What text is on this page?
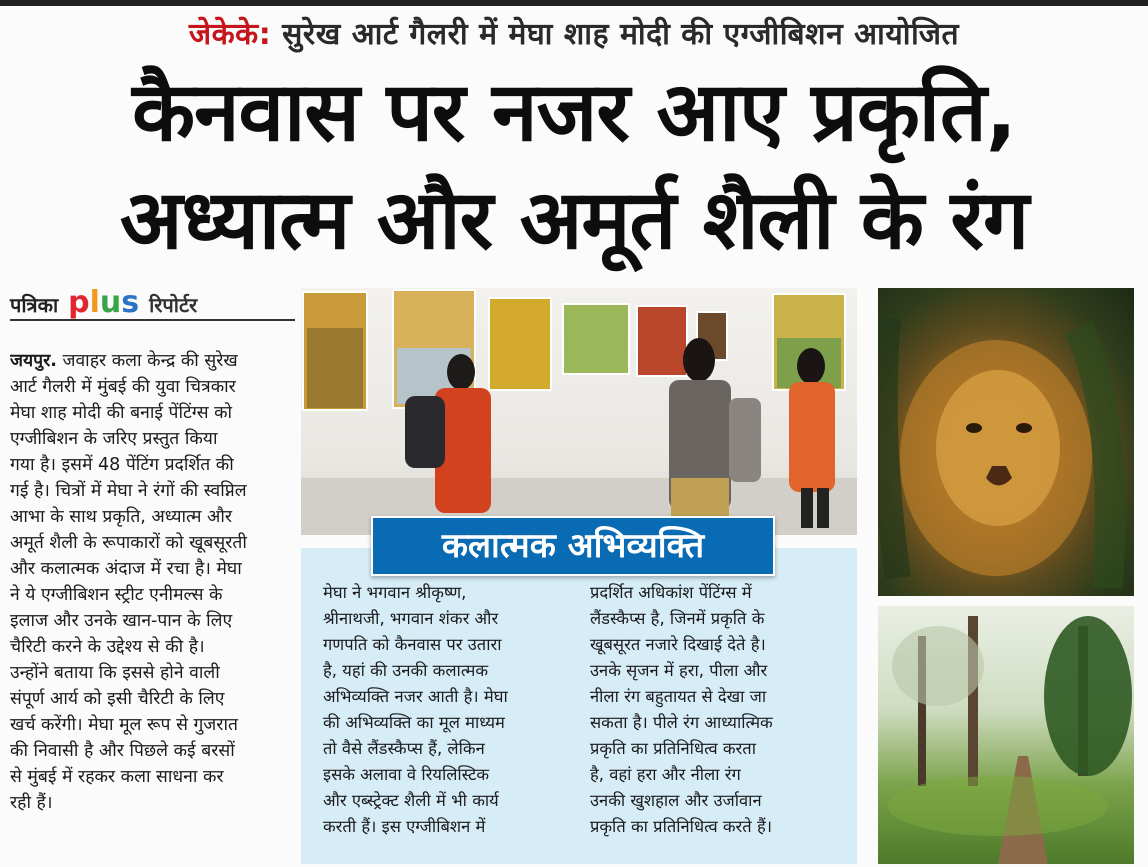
जेकेके: सुरेख आर्ट गैलरी में मेघा शाह मोदी की एग्जीबिशन आयोजित
कैनवास पर नजर आए प्रकृति,
अध्यात्म और अमूर्त शैली के रंग
पत्रिका plus रिपोर्टर
जयपुर. जवाहर कला केन्द्र की सुरेख
आर्ट गैलरी में मुंबई की युवा चित्रकार
मेघा शाह मोदी की बनाई पेंटिंग्स को
एग्जीबिशन के जरिए प्रस्तुत किया
गया है। इसमें 48 पेंटिंग प्रदर्शित की
गई है। चित्रों में मेघा ने रंगों की स्वप्निल
आभा के साथ प्रकृति, अध्यात्म और
अमूर्त शैली के रूपाकारों को खूबसूरती
और कलात्मक अंदाज में रचा है। मेघा
ने ये एग्जीबिशन स्ट्रीट एनीमल्स के
इलाज और उनके खान-पान के लिए
चैरिटी करने के उद्देश्य से की है।
उन्होंने बताया कि इससे होने वाली
संपूर्ण आर्य को इसी चैरिटी के लिए
खर्च करेंगी। मेघा मूल रूप से गुजरात
की निवासी है और पिछले कई बरसों
से मुंबई में रहकर कला साधना कर
रही हैं।
कलात्मक अभिव्यक्ति
मेघा ने भगवान श्रीकृष्ण,
श्रीनाथजी, भगवान शंकर और
गणपति को कैनवास पर उतारा
है, यहां की उनकी कलात्मक
अभिव्यक्ति नजर आती है। मेघा
की अभिव्यक्ति का मूल माध्यम
तो वैसे लैंडस्कैप्स हैं, लेकिन
इसके अलावा वे रियलिस्टिक
और एब्स्ट्रेक्ट शैली में भी कार्य
करती हैं। इस एग्जीबिशन में
प्रदर्शित अधिकांश पेंटिंग्स में
लैंडस्कैप्स है, जिनमें प्रकृति के
खूबसूरत नजारे दिखाई देते है।
उनके सृजन में हरा, पीला और
नीला रंग बहुतायत से देखा जा
सकता है। पीले रंग आध्यात्मिक
प्रकृति का प्रतिनिधित्व करता
है, वहां हरा और नीला रंग
उनकी खुशहाल और उर्जावान
प्रकृति का प्रतिनिधित्व करते हैं।
